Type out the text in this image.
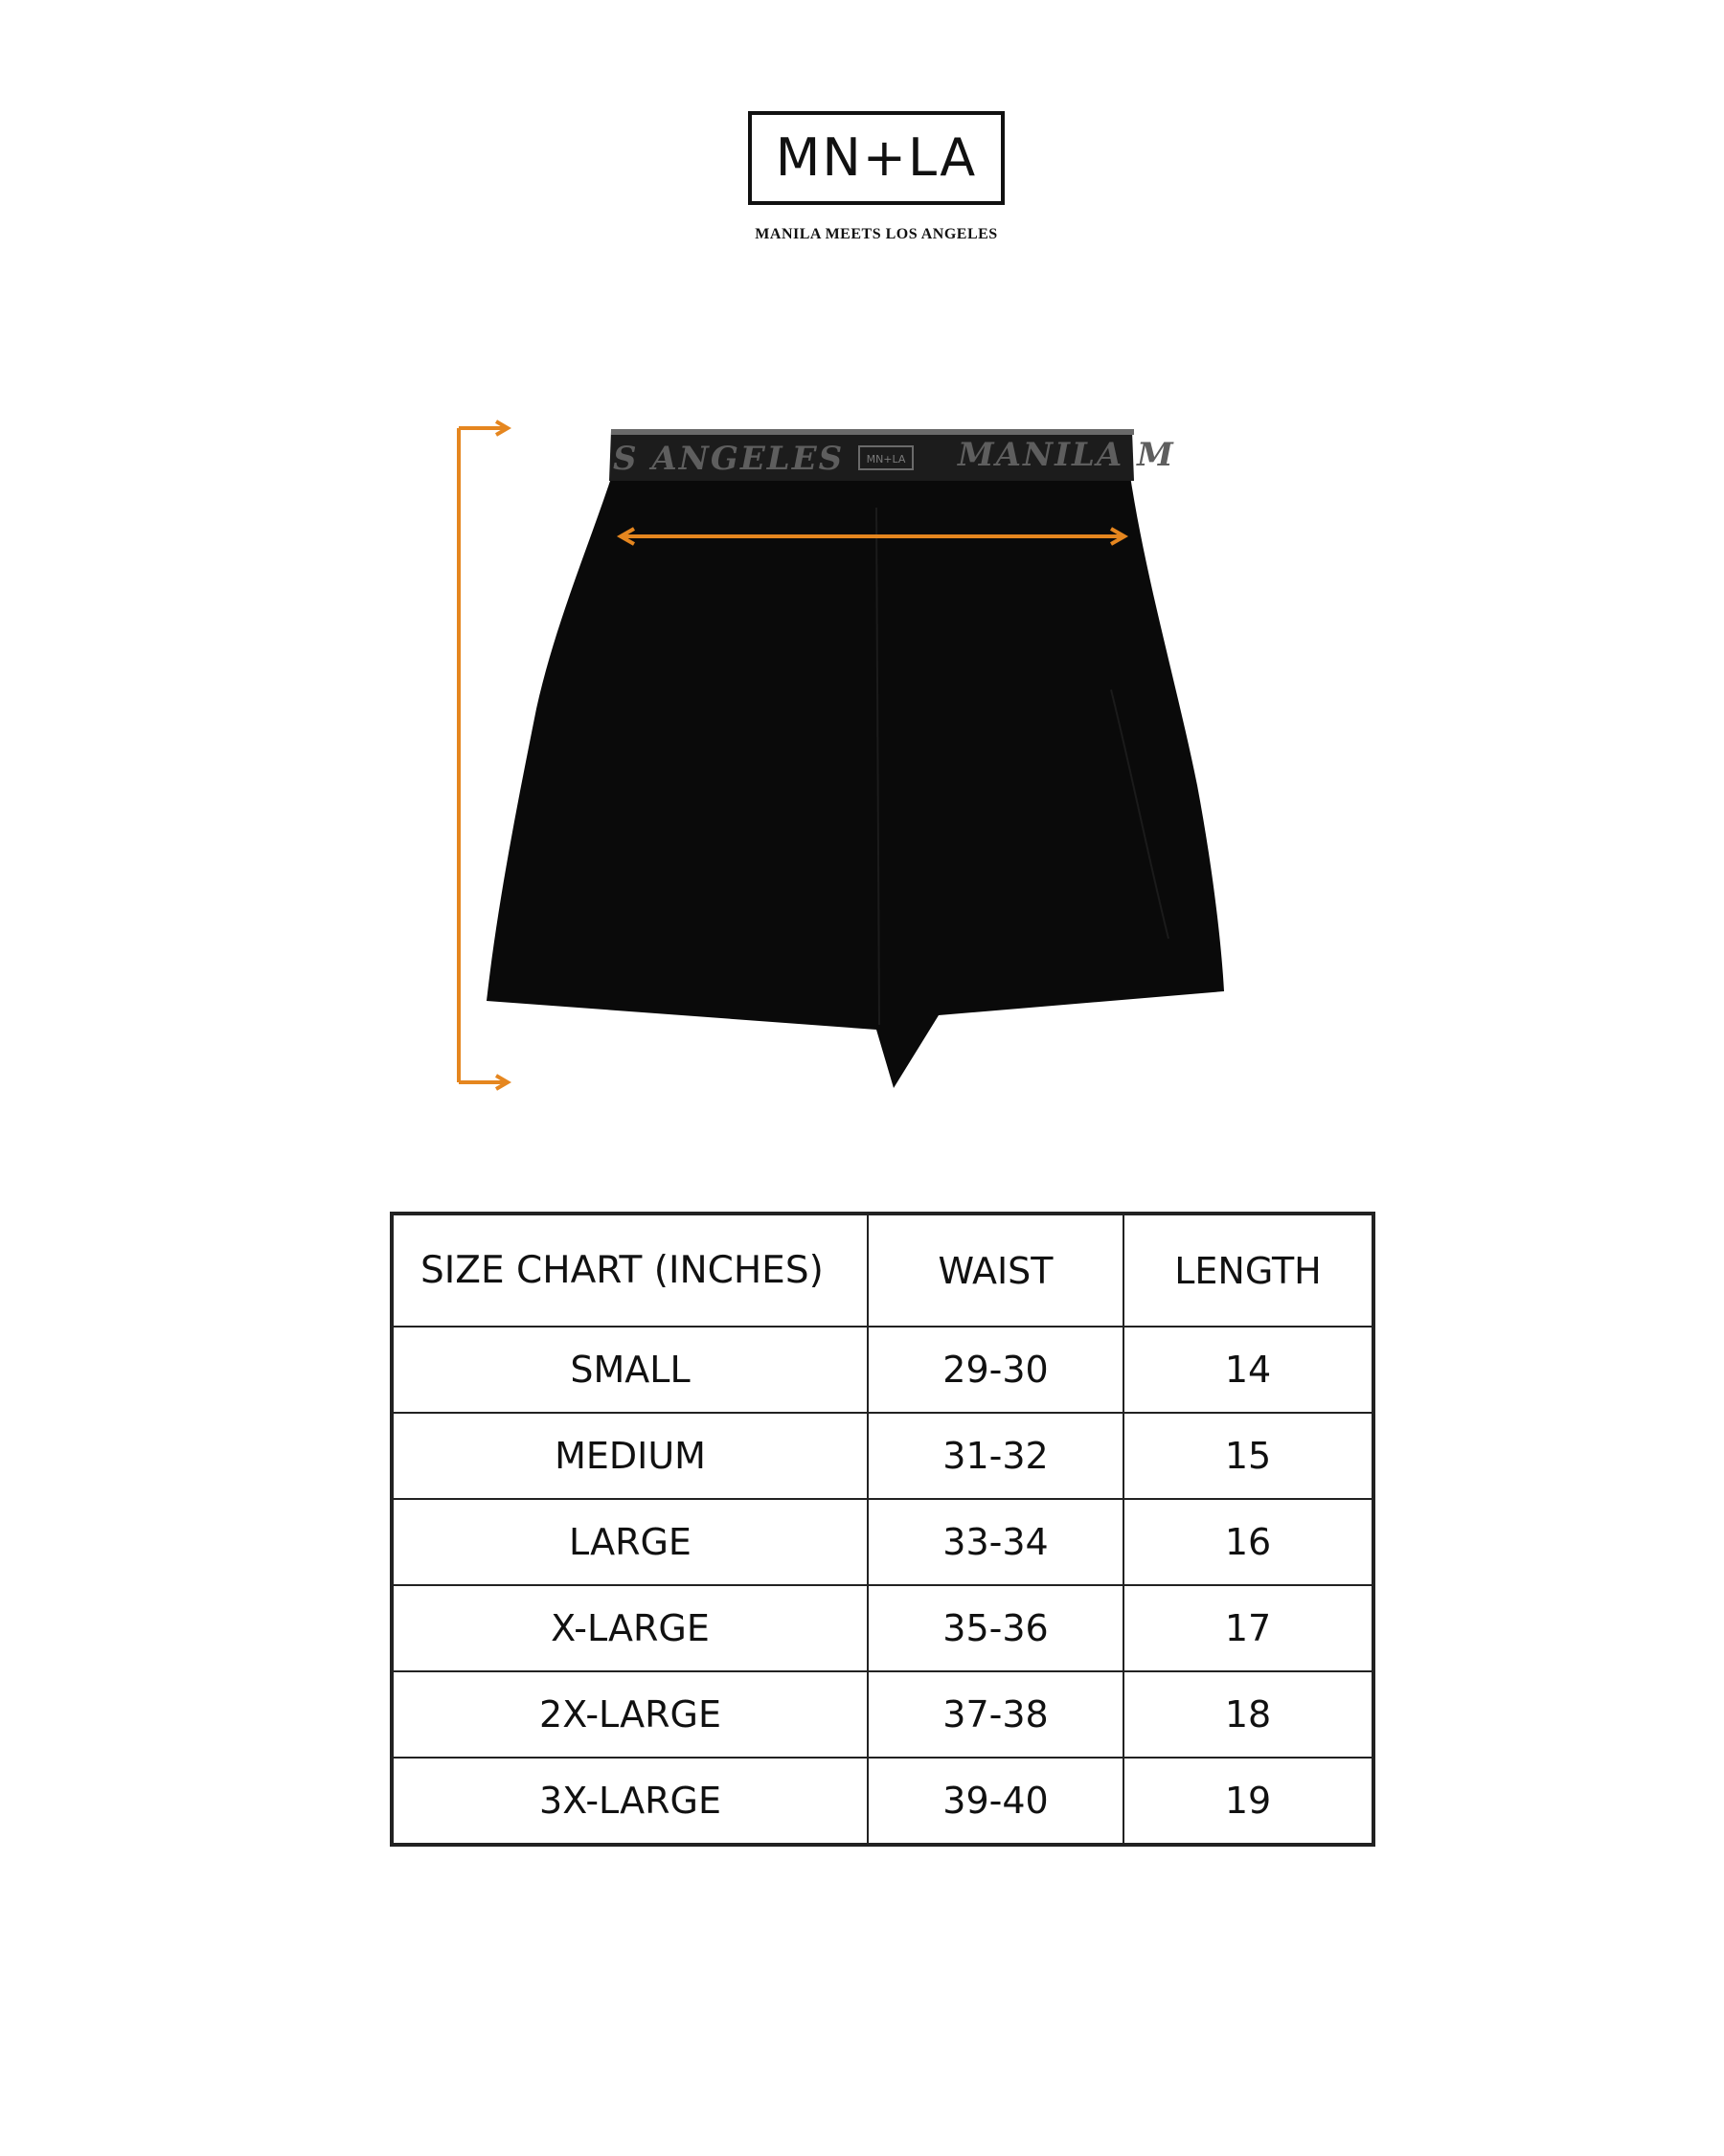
MN+LA
MANILA MEETS LOS ANGELES
S ANGELES	MANILA M
MN+LA
SIZE CHART (INCHES)	WAIST	LENGTH
SMALL	29-30	14
MEDIUM	31-32	15
LARGE	33-34	16
X-LARGE	35-36	17
2X-LARGE	37-38	18
3X-LARGE	39-40	19
